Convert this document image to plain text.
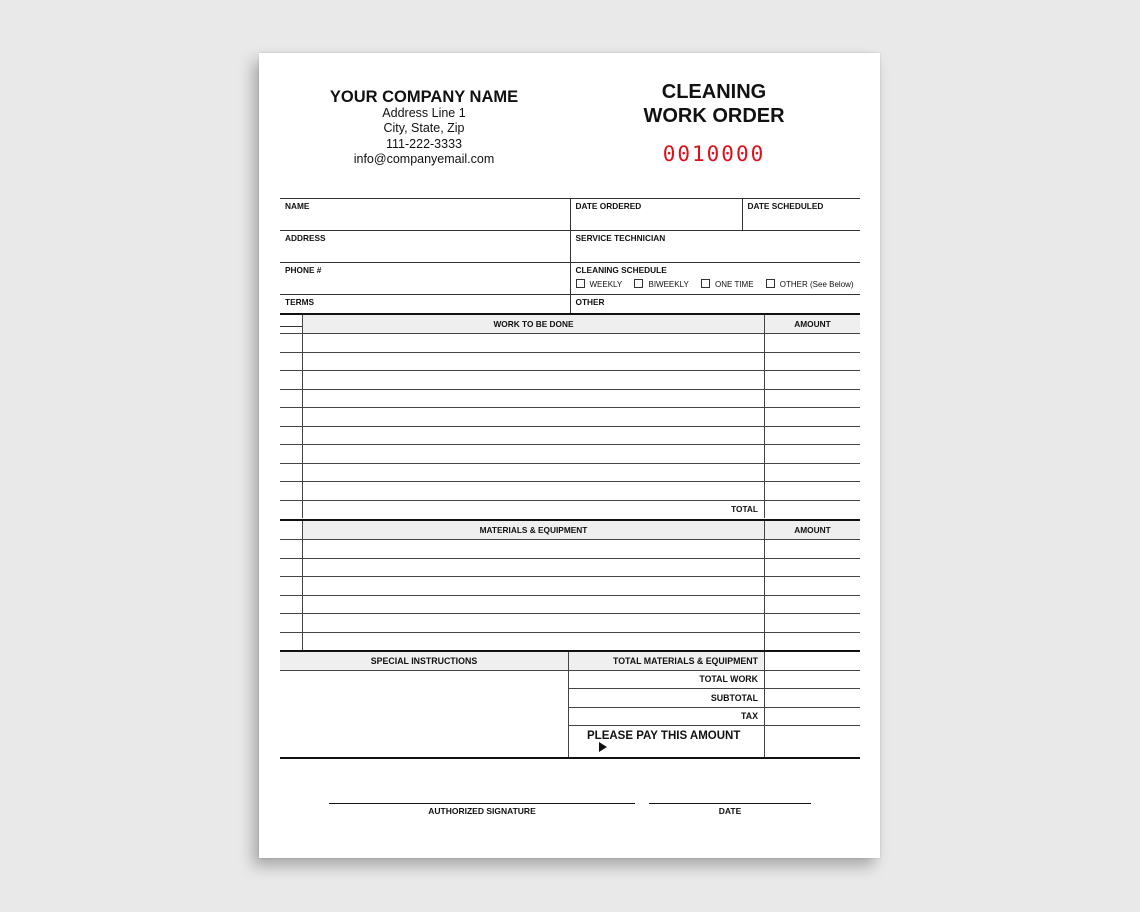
YOUR COMPANY NAME
Address Line 1
City, State, Zip
111-222-3333
info@companyemail.com
CLEANING
WORK ORDER
0010000
NAME	DATE ORDERED	DATE SCHEDULED
ADDRESS	SERVICE TECHNICIAN	
PHONE #	CLEANING SCHEDULE
WEEKLY BIWEEKLY ONE TIME OTHER (See Below)	

TERMS	OTHER	
	WORK TO BE DONE	AMOUNT

	TOTAL	
	MATERIALS & EQUIPMENT	AMOUNT

SPECIAL INSTRUCTIONS	TOTAL MATERIALS & EQUIPMENT	
	TOTAL WORK	
	SUBTOTAL	
	TAX	
	PLEASE PAY THIS AMOUNT	
AUTHORIZED SIGNATURE	DATE
